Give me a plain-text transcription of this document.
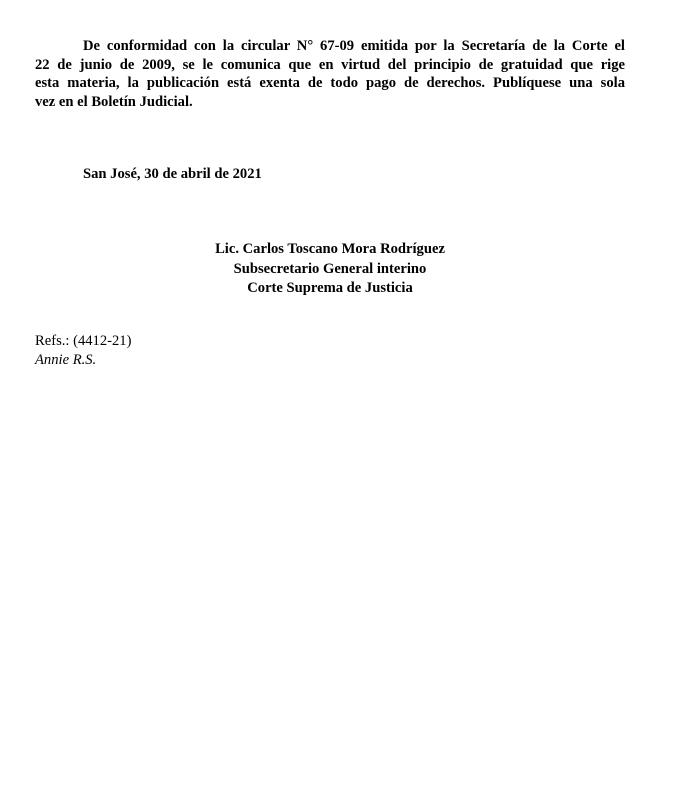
De conformidad con la circular N° 67-09 emitida por la Secretaría de la Corte el
22 de junio de 2009, se le comunica que en virtud del principio de gratuidad que rige
esta materia, la publicación está exenta de todo pago de derechos. Publíquese una sola
vez en el Boletín Judicial.
San José, 30 de abril de 2021
Lic. Carlos Toscano Mora Rodríguez
Subsecretario General interino
Corte Suprema de Justicia
Refs.: (4412-21)
Annie R.S.
